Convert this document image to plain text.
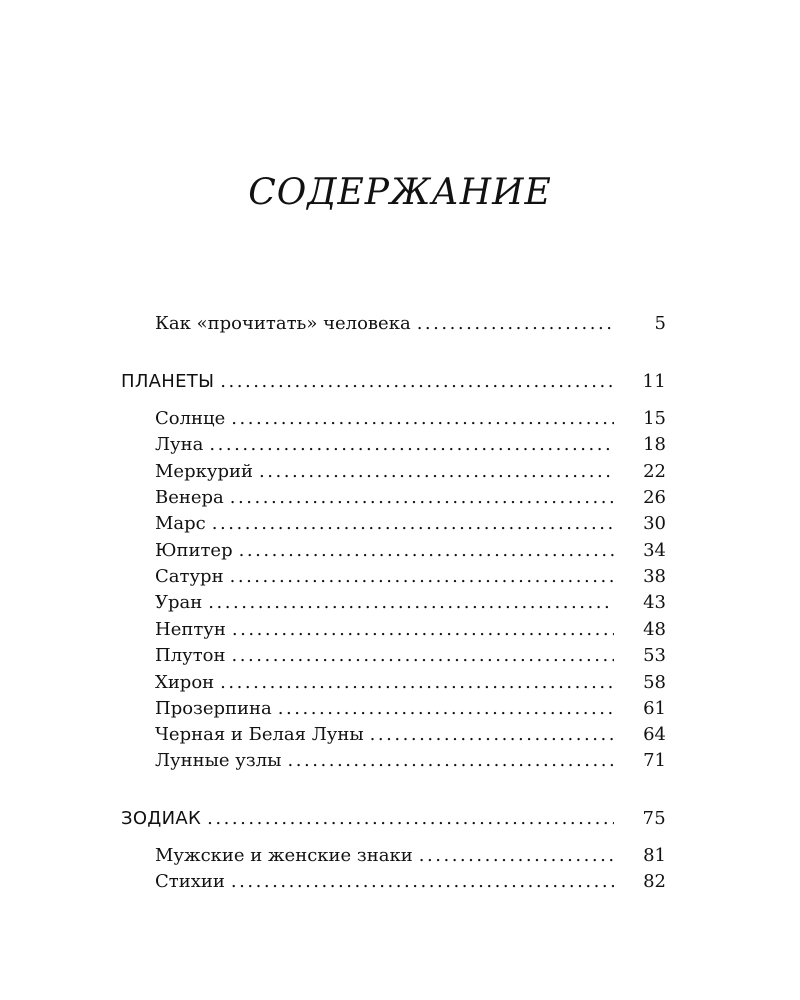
СОДЕРЖАНИЕ
Как «прочитать» человека . . .	5
ПЛАНЕТЫ . . .	11
Солнце . . .	15
Луна . . .	18
Меркурий . . .	22
Венера . . .	26
Марс . . .	30
Юпитер . . .	34
Сатурн . . .	38
Уран . . .	43
Нептун . . .	48
Плутон . . .	53
Хирон . . .	58
Прозерпина . . .	61
Черная и Белая Луны . . .	64
Лунные узлы . . .	71
ЗОДИАК . . .	75
Мужские и женские знаки . . .	81
Стихии . . .	82
